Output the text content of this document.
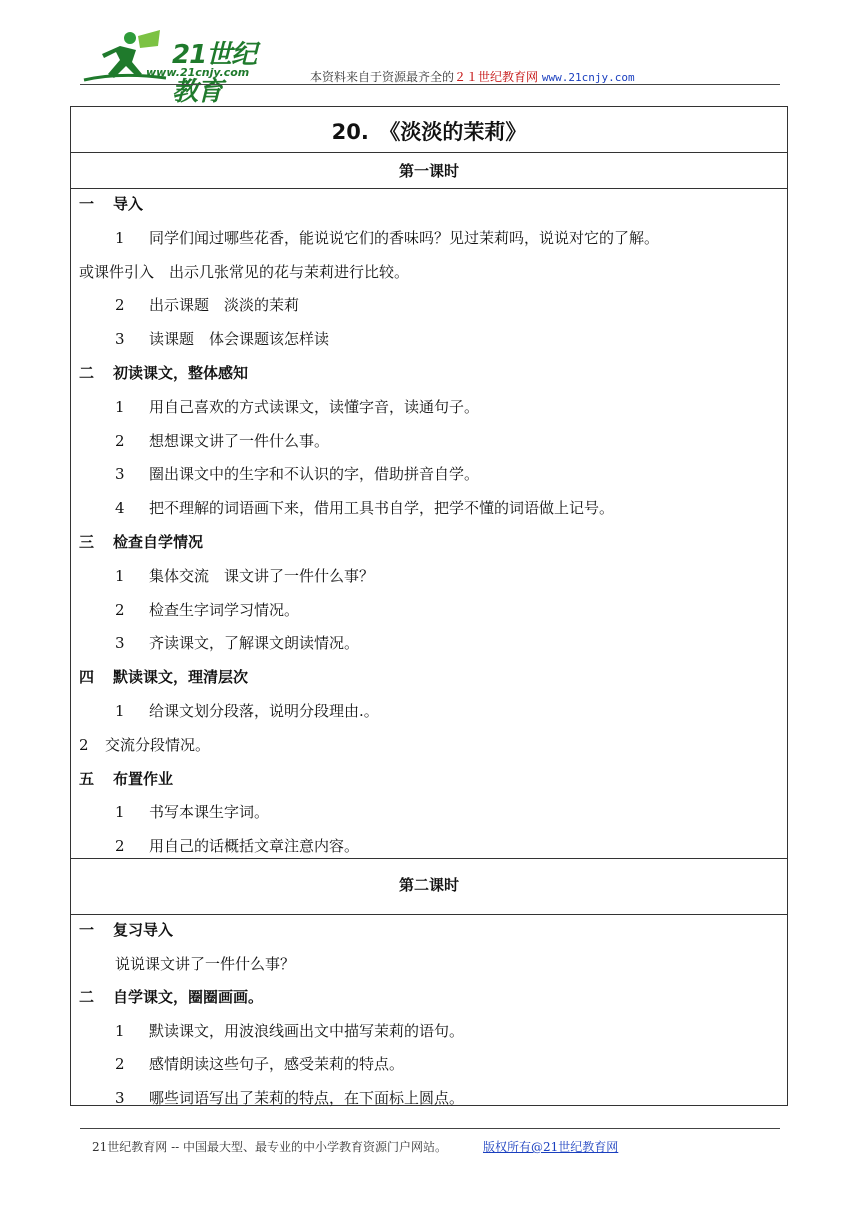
21世纪教育
www.21cnjy.com	本资料来自于资源最齐全的２１世纪教育网 www.21cnjy.com
20.　《淡淡的茉莉》
第一课时
一 导入
1 同学们闻过哪些花香，能说说它们的香味吗？见过茉莉吗，说说对它的了解。
或课件引入　出示几张常见的花与茉莉进行比较。
2 出示课题　淡淡的茉莉
3 读课题　体会课题该怎样读
二 初读课文，整体感知
1 用自己喜欢的方式读课文，读懂字音，读通句子。
2 想想课文讲了一件什么事。
3 圈出课文中的生字和不认识的字，借助拼音自学。
4 把不理解的词语画下来，借用工具书自学，把学不懂的词语做上记号。
三 检查自学情况
1 集体交流　课文讲了一件什么事？
2 检查生字词学习情况。
3 齐读课文，了解课文朗读情况。
四 默读课文，理清层次
1 给课文划分段落，说明分段理由.。
2 交流分段情况。
五 布置作业
1 书写本课生字词。
2 用自己的话概括文章注意内容。
第二课时
一 复习导入
说说课文讲了一件什么事？
二 自学课文，圈圈画画。
1 默读课文，用波浪线画出文中描写茉莉的语句。
2 感情朗读这些句子，感受茉莉的特点。
3 哪些词语写出了茉莉的特点，在下面标上圆点。
21世纪教育网 -- 中国最大型、最专业的中小学教育资源门户网站。	版权所有@21世纪教育网
